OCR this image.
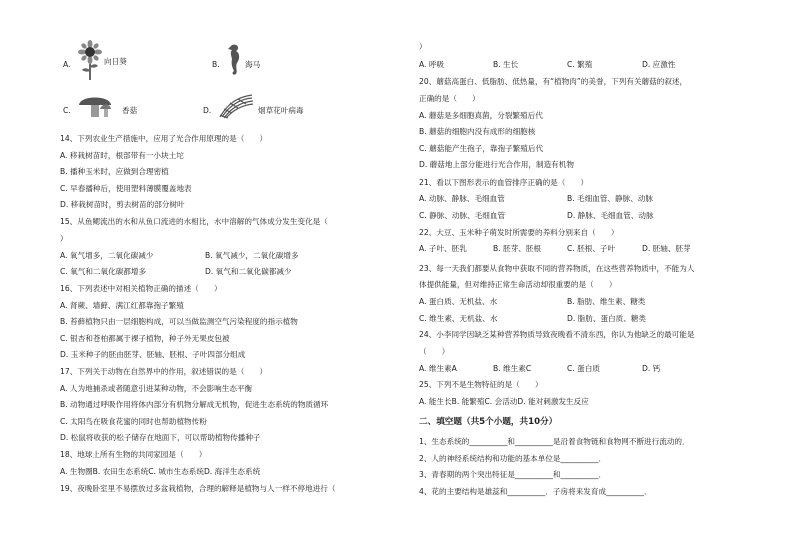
A.	向日葵	B.	海马
C.	香菇	D.	烟草花叶病毒
14、下列农业生产措施中，应用了光合作用原理的是（　　）
A. 移栽树苗时，根部带有一小块土坨
B. 播种玉米时，应做到合理密植
C. 早春播种后，使用塑料薄膜覆盖地表
D. 移栽树苗时，剪去树苗的部分树叶
15、从鱼鳃流出的水和从鱼口流进的水相比，水中溶解的气体成分发生变化是（
）
A. 氧气增多，二氧化碳减少	B. 氧气减少，二氧化碳增多
C. 氧气和二氧化碳都增多	D. 氧气和二氧化碳都减少
16、下列表述中对相关植物正确的描述（　　）
A. 肾蕨、墙藓、满江红都靠孢子繁殖
B. 苔藓植物只由一层细胞构成，可以当做监测空气污染程度的指示植物
C. 银杏和苍柏都属于裸子植物，种子外无果皮包被
D. 玉米种子的胚由胚芽、胚轴、胚根、子叶四部分组成
17、下列关于动物在自然界中的作用，叙述错误的是（　　）
A. 人为地捕杀或者随意引进某种动物，不会影响生态平衡
B. 动物通过呼吸作用将体内部分有机物分解成无机物，促进生态系统的物质循环
C. 太阳鸟在吸食花蜜的同时也帮助植物传粉
D. 松鼠将收获的松子储存在地面下，可以帮助植物传播种子
18、地球上所有生物的共同家园是（　　）
A. 生物圈B. 农田生态系统C. 城市生态系统D. 海洋生态系统
19、夜晚卧室里不易摆放过多盆栽植物，合理的解释是植物与人一样不停地进行（
）
A. 呼吸	B. 生长	C. 繁殖	D. 应激性
20、蘑菇高蛋白、低脂肪、低热量，有“植物肉”的美誉，下列有关蘑菇的叙述，
正确的是（　　）
A. 蘑菇是多细胞真菌，分裂繁殖后代
B. 蘑菇的细胞内没有成形的细胞核
C. 蘑菇能产生孢子，靠孢子繁殖后代
D. 蘑菇地上部分能进行光合作用，制造有机物
21、看以下图形表示的血管排序正确的是（　　）
A. 动脉、静脉、毛细血管	B. 毛细血管、静脉、动脉
C. 静脉、动脉、毛细血管	D. 静脉、毛细血管、动脉
22、大豆、玉米种子萌发时所需要的养料分别来自（　　）
A. 子叶、胚乳	B. 胚芽、胚根	C. 胚根、子叶	D. 胚轴、胚芽
23、每一天我们都要从食物中获取不同的营养物质，在这些营养物质中，不能为人
体提供能量，但对维持正常生命活动却很重要的是（　　）
A. 蛋白质、无机盐、水	B. 脂肪、维生素、糖类
C. 维生素、无机盐、水	D. 脂肪、蛋白质、糖类
24、小李同学因缺乏某种营养物质导致夜晚看不清东西，你认为他缺乏的最可能是
（　　）
A. 维生素A	B. 维生素C	C. 蛋白质	D. 钙
25、下列不是生物特征的是（　　）
A. 能生长B. 能繁殖C. 会活动D. 能对刺激发生反应
二、填空题（共5个小题，共10分）
1、生态系统的__________和__________是沿着食物链和食物网不断进行流动的．
2、人的神经系统结构和功能的基本单位是__________．
3、青春期的两个突出特征是__________和__________．
4、花的主要结构是雄蕊和__________．子房将来发育成__________．
